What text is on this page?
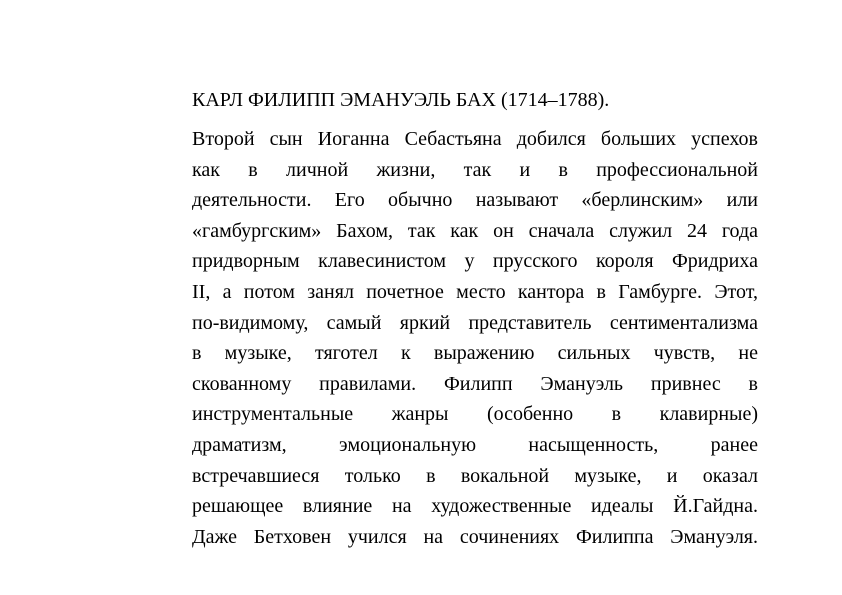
КАРЛ ФИЛИПП ЭМАНУЭЛЬ БАХ (1714–1788).
Второй сын Иоганна Себастьяна добился больших успехов
как в личной жизни, так и в профессиональной
деятельности. Его обычно называют «берлинским» или
«гамбургским» Бахом, так как он сначала служил 24 года
придворным клавесинистом у прусского короля Фридриха
II, а потом занял почетное место кантора в Гамбурге. Этот,
по-видимому, самый яркий представитель сентиментализма
в музыке, тяготел к выражению сильных чувств, не
скованному правилами. Филипп Эмануэль привнес в
инструментальные жанры (особенно в клавирные)
драматизм, эмоциональную насыщенность, ранее
встречавшиеся только в вокальной музыке, и оказал
решающее влияние на художественные идеалы Й.Гайдна.
Даже Бетховен учился на сочинениях Филиппа Эмануэля.
